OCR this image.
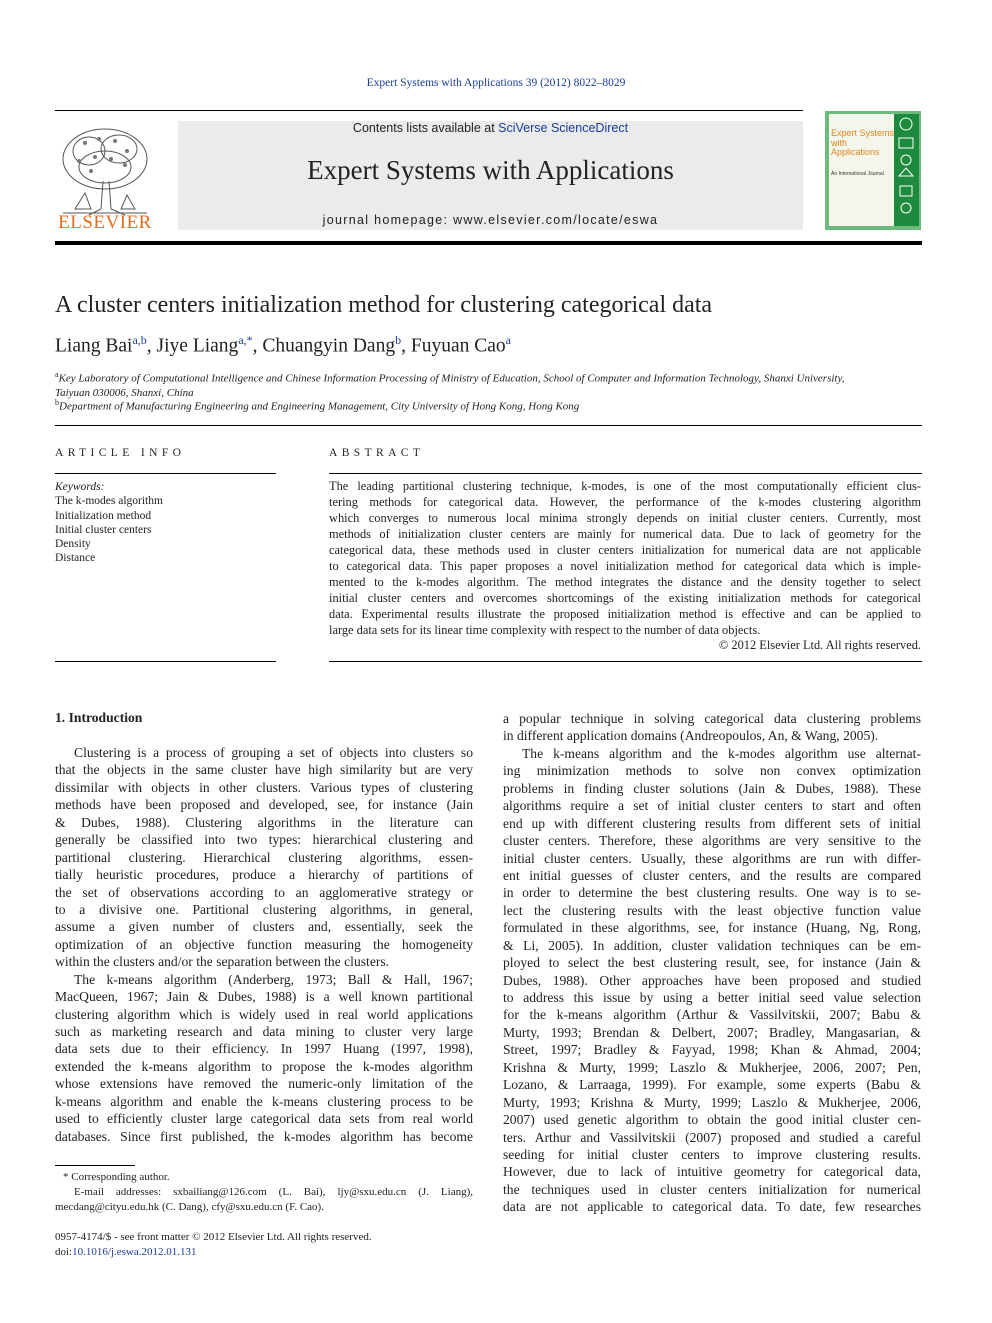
Expert Systems with Applications 39 (2012) 8022–8029
ELSEVIER
Contents lists available at SciVerse ScienceDirect
Expert Systems with Applications
journal homepage: www.elsevier.com/locate/eswa
Expert Systems with Applications
An International Journal
A cluster centers initialization method for clustering categorical data
Liang Bai$^{a,b}$, Jiye Liang$^{a,*}$, Chuangyin Dang$^b$, Fuyuan Cao$^a$
$^a$Key Laboratory of Computational Intelligence and Chinese Information Processing of Ministry of Education, School of Computer and Information Technology, Shanxi University,
Taiyuan 030006, Shanxi, China
$^b$Department of Manufacturing Engineering and Engineering Management, City University of Hong Kong, Hong Kong
ARTICLE INFO	ABSTRACT
Keywords:
The k-modes algorithm
Initialization method
Initial cluster centers
Density
Distance
The leading partitional clustering technique, k-modes, is one of the most computationally efficient clus-
tering methods for categorical data. However, the performance of the k-modes clustering algorithm
which converges to numerous local minima strongly depends on initial cluster centers. Currently, most
methods of initialization cluster centers are mainly for numerical data. Due to lack of geometry for the
categorical data, these methods used in cluster centers initialization for numerical data are not applicable
to categorical data. This paper proposes a novel initialization method for categorical data which is imple-
mented to the k-modes algorithm. The method integrates the distance and the density together to select
initial cluster centers and overcomes shortcomings of the existing initialization methods for categorical
data. Experimental results illustrate the proposed initialization method is effective and can be applied to
large data sets for its linear time complexity with respect to the number of data objects.
© 2012 Elsevier Ltd. All rights reserved.
1. Introduction
Clustering is a process of grouping a set of objects into clusters so
that the objects in the same cluster have high similarity but are very
dissimilar with objects in other clusters. Various types of clustering
methods have been proposed and developed, see, for instance (Jain
& Dubes, 1988). Clustering algorithms in the literature can
generally be classified into two types: hierarchical clustering and
partitional clustering. Hierarchical clustering algorithms, essen-
tially heuristic procedures, produce a hierarchy of partitions of
the set of observations according to an agglomerative strategy or
to a divisive one. Partitional clustering algorithms, in general,
assume a given number of clusters and, essentially, seek the
optimization of an objective function measuring the homogeneity
within the clusters and/or the separation between the clusters.
The k-means algorithm (Anderberg, 1973; Ball & Hall, 1967;
MacQueen, 1967; Jain & Dubes, 1988) is a well known partitional
clustering algorithm which is widely used in real world applications
such as marketing research and data mining to cluster very large
data sets due to their efficiency. In 1997 Huang (1997, 1998),
extended the k-means algorithm to propose the k-modes algorithm
whose extensions have removed the numeric-only limitation of the
k-means algorithm and enable the k-means clustering process to be
used to efficiently cluster large categorical data sets from real world
databases. Since first published, the k-modes algorithm has become
a popular technique in solving categorical data clustering problems
in different application domains (Andreopoulos, An, & Wang, 2005).
The k-means algorithm and the k-modes algorithm use alternat-
ing minimization methods to solve non convex optimization
problems in finding cluster solutions (Jain & Dubes, 1988). These
algorithms require a set of initial cluster centers to start and often
end up with different clustering results from different sets of initial
cluster centers. Therefore, these algorithms are very sensitive to the
initial cluster centers. Usually, these algorithms are run with differ-
ent initial guesses of cluster centers, and the results are compared
in order to determine the best clustering results. One way is to se-
lect the clustering results with the least objective function value
formulated in these algorithms, see, for instance (Huang, Ng, Rong,
& Li, 2005). In addition, cluster validation techniques can be em-
ployed to select the best clustering result, see, for instance (Jain &
Dubes, 1988). Other approaches have been proposed and studied
to address this issue by using a better initial seed value selection
for the k-means algorithm (Arthur & Vassilvitskii, 2007; Babu &
Murty, 1993; Brendan & Delbert, 2007; Bradley, Mangasarian, &
Street, 1997; Bradley & Fayyad, 1998; Khan & Ahmad, 2004;
Krishna & Murty, 1999; Laszlo & Mukherjee, 2006, 2007; Pen,
Lozano, & Larraaga, 1999). For example, some experts (Babu &
Murty, 1993; Krishna & Murty, 1999; Laszlo & Mukherjee, 2006,
2007) used genetic algorithm to obtain the good initial cluster cen-
ters. Arthur and Vassilvitskii (2007) proposed and studied a careful
seeding for initial cluster centers to improve clustering results.
However, due to lack of intuitive geometry for categorical data,
the techniques used in cluster centers initialization for numerical
data are not applicable to categorical data. To date, few researches
* Corresponding author.
E-mail addresses: sxbailiang@126.com (L. Bai), ljy@sxu.edu.cn (J. Liang),
mecdang@cityu.edu.hk (C. Dang), cfy@sxu.edu.cn (F. Cao).
0957-4174/$ - see front matter © 2012 Elsevier Ltd. All rights reserved.
doi:10.1016/j.eswa.2012.01.131
